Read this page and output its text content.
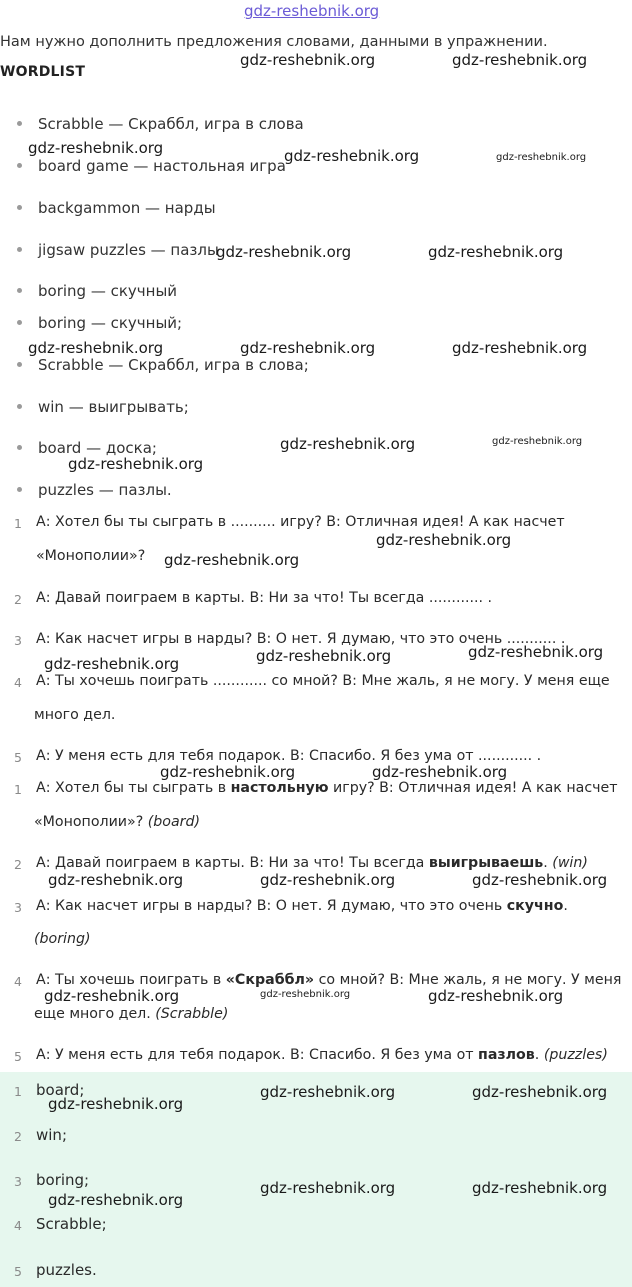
gdz-reshebnik.org
Нам нужно дополнить предложения словами, данными в упражнении.
WORDLIST
Scrabble — Скраббл, игра в слова
board game — настольная игра
backgammon — нарды
jigsaw puzzles — пазлы
boring — скучный
boring — скучный;
Scrabble — Скраббл, игра в слова;
win — выигрывать;
board — доска;
puzzles — пазлы.
1 А: Хотел бы ты сыграть в .......... игру? В: Отличная идея! А как насчет
«Монополии»?
2 А: Давай поиграем в карты. В: Ни за что! Ты всегда ............ .
3 А: Как насчет игры в нарды? В: О нет. Я думаю, что это очень ........... .
4 А: Ты хочешь поиграть ............ со мной? В: Мне жаль, я не могу. У меня еще
много дел.
5 А: У меня есть для тебя подарок. В: Спасибо. Я без ума от ............ .
1 А: Хотел бы ты сыграть в настольную игру? В: Отличная идея! А как насчет
«Монополии»? (board)
2 А: Давай поиграем в карты. В: Ни за что! Ты всегда выигрываешь. (win)
3 А: Как насчет игры в нарды? В: О нет. Я думаю, что это очень скучно.
(boring)
4 А: Ты хочешь поиграть в «Скраббл» со мной? В: Мне жаль, я не могу. У меня
еще много дел. (Scrabble)
5 А: У меня есть для тебя подарок. В: Спасибо. Я без ума от пазлов. (puzzles)
1 board;
2 win;
3 boring;
4 Scrabble;
5 puzzles.
gdz-reshebnik.org	gdz-reshebnik.org
gdz-reshebnik.org	gdz-reshebnik.org	gdz-reshebnik.org
gdz-reshebnik.org	gdz-reshebnik.org
gdz-reshebnik.org	gdz-reshebnik.org	gdz-reshebnik.org
gdz-reshebnik.org	gdz-reshebnik.org
gdz-reshebnik.org
gdz-reshebnik.org
gdz-reshebnik.org
gdz-reshebnik.org
gdz-reshebnik.org
gdz-reshebnik.org
gdz-reshebnik.org	gdz-reshebnik.org
gdz-reshebnik.org	gdz-reshebnik.org	gdz-reshebnik.org
gdz-reshebnik.org	gdz-reshebnik.org	gdz-reshebnik.org
gdz-reshebnik.org	gdz-reshebnik.org
gdz-reshebnik.org
gdz-reshebnik.org	gdz-reshebnik.org
gdz-reshebnik.org
